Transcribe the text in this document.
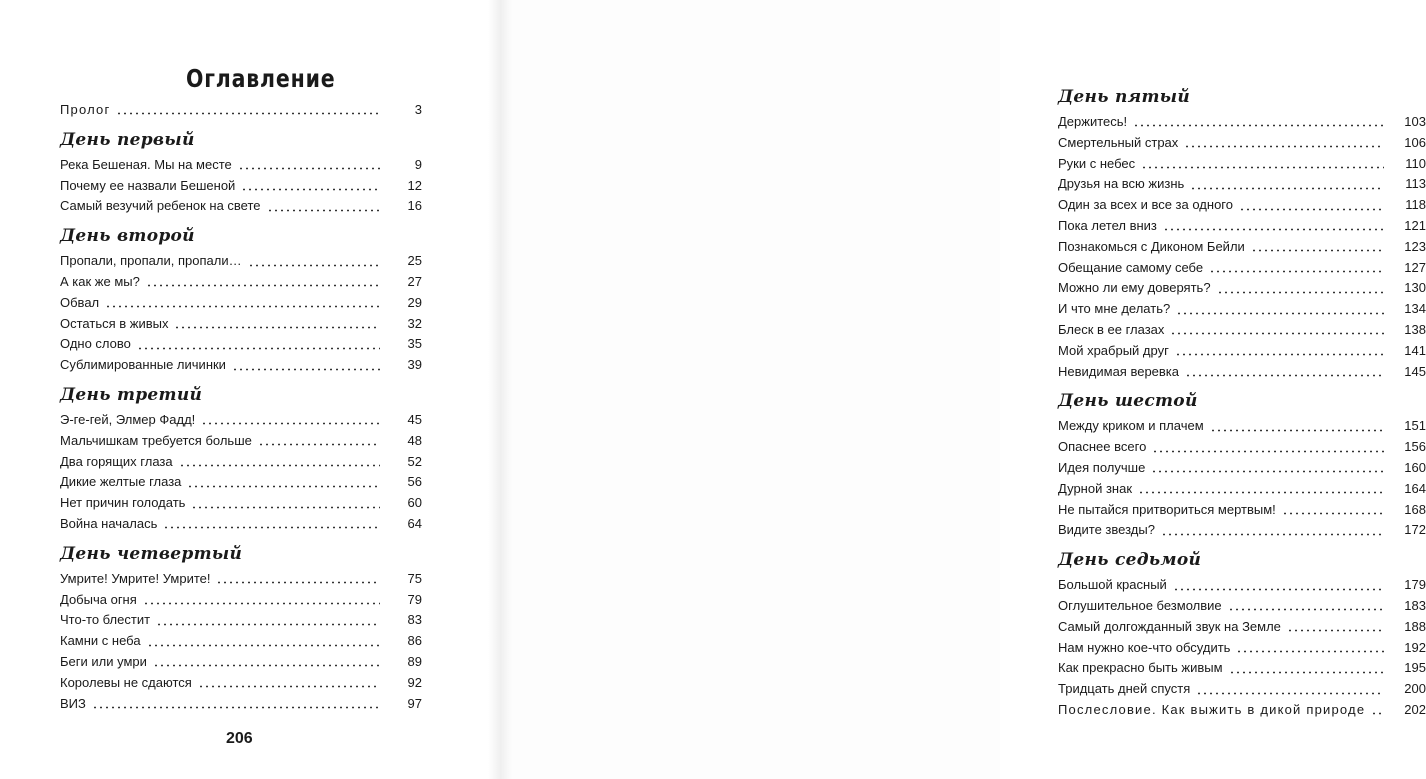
Оглавление
Пролог	3
День первый
Река Бешеная. Мы на месте	9
Почему ее назвали Бешеной	12
Самый везучий ребенок на свете	16
День второй
Пропали, пропали, пропали…	25
А как же мы?	27
Обвал	29
Остаться в живых	32
Одно слово	35
Сублимированные личинки	39
День третий
Э-ге-гей, Элмер Фадд!	45
Мальчишкам требуется больше	48
Два горящих глаза	52
Дикие желтые глаза	56
Нет причин голодать	60
Война началась	64
День четвертый
Умрите! Умрите! Умрите!	75
Добыча огня	79
Что-то блестит	83
Камни с неба	86
Беги или умри	89
Королевы не сдаются	92
ВИЗ	97
206
День пятый
Держитесь!	103
Смертельный страх	106
Руки с небес	110
Друзья на всю жизнь	113
Один за всех и все за одного	118
Пока летел вниз	121
Познакомься с Диконом Бейли	123
Обещание самому себе	127
Можно ли ему доверять?	130
И что мне делать?	134
Блеск в ее глазах	138
Мой храбрый друг	141
Невидимая веревка	145
День шестой
Между криком и плачем	151
Опаснее всего	156
Идея получше	160
Дурной знак	164
Не пытайся притвориться мертвым!	168
Видите звезды?	172
День седьмой
Большой красный	179
Оглушительное безмолвие	183
Самый долгожданный звук на Земле	188
Нам нужно кое-что обсудить	192
Как прекрасно быть живым	195
Тридцать дней спустя	200
Послесловие. Как выжить в дикой природе	202
